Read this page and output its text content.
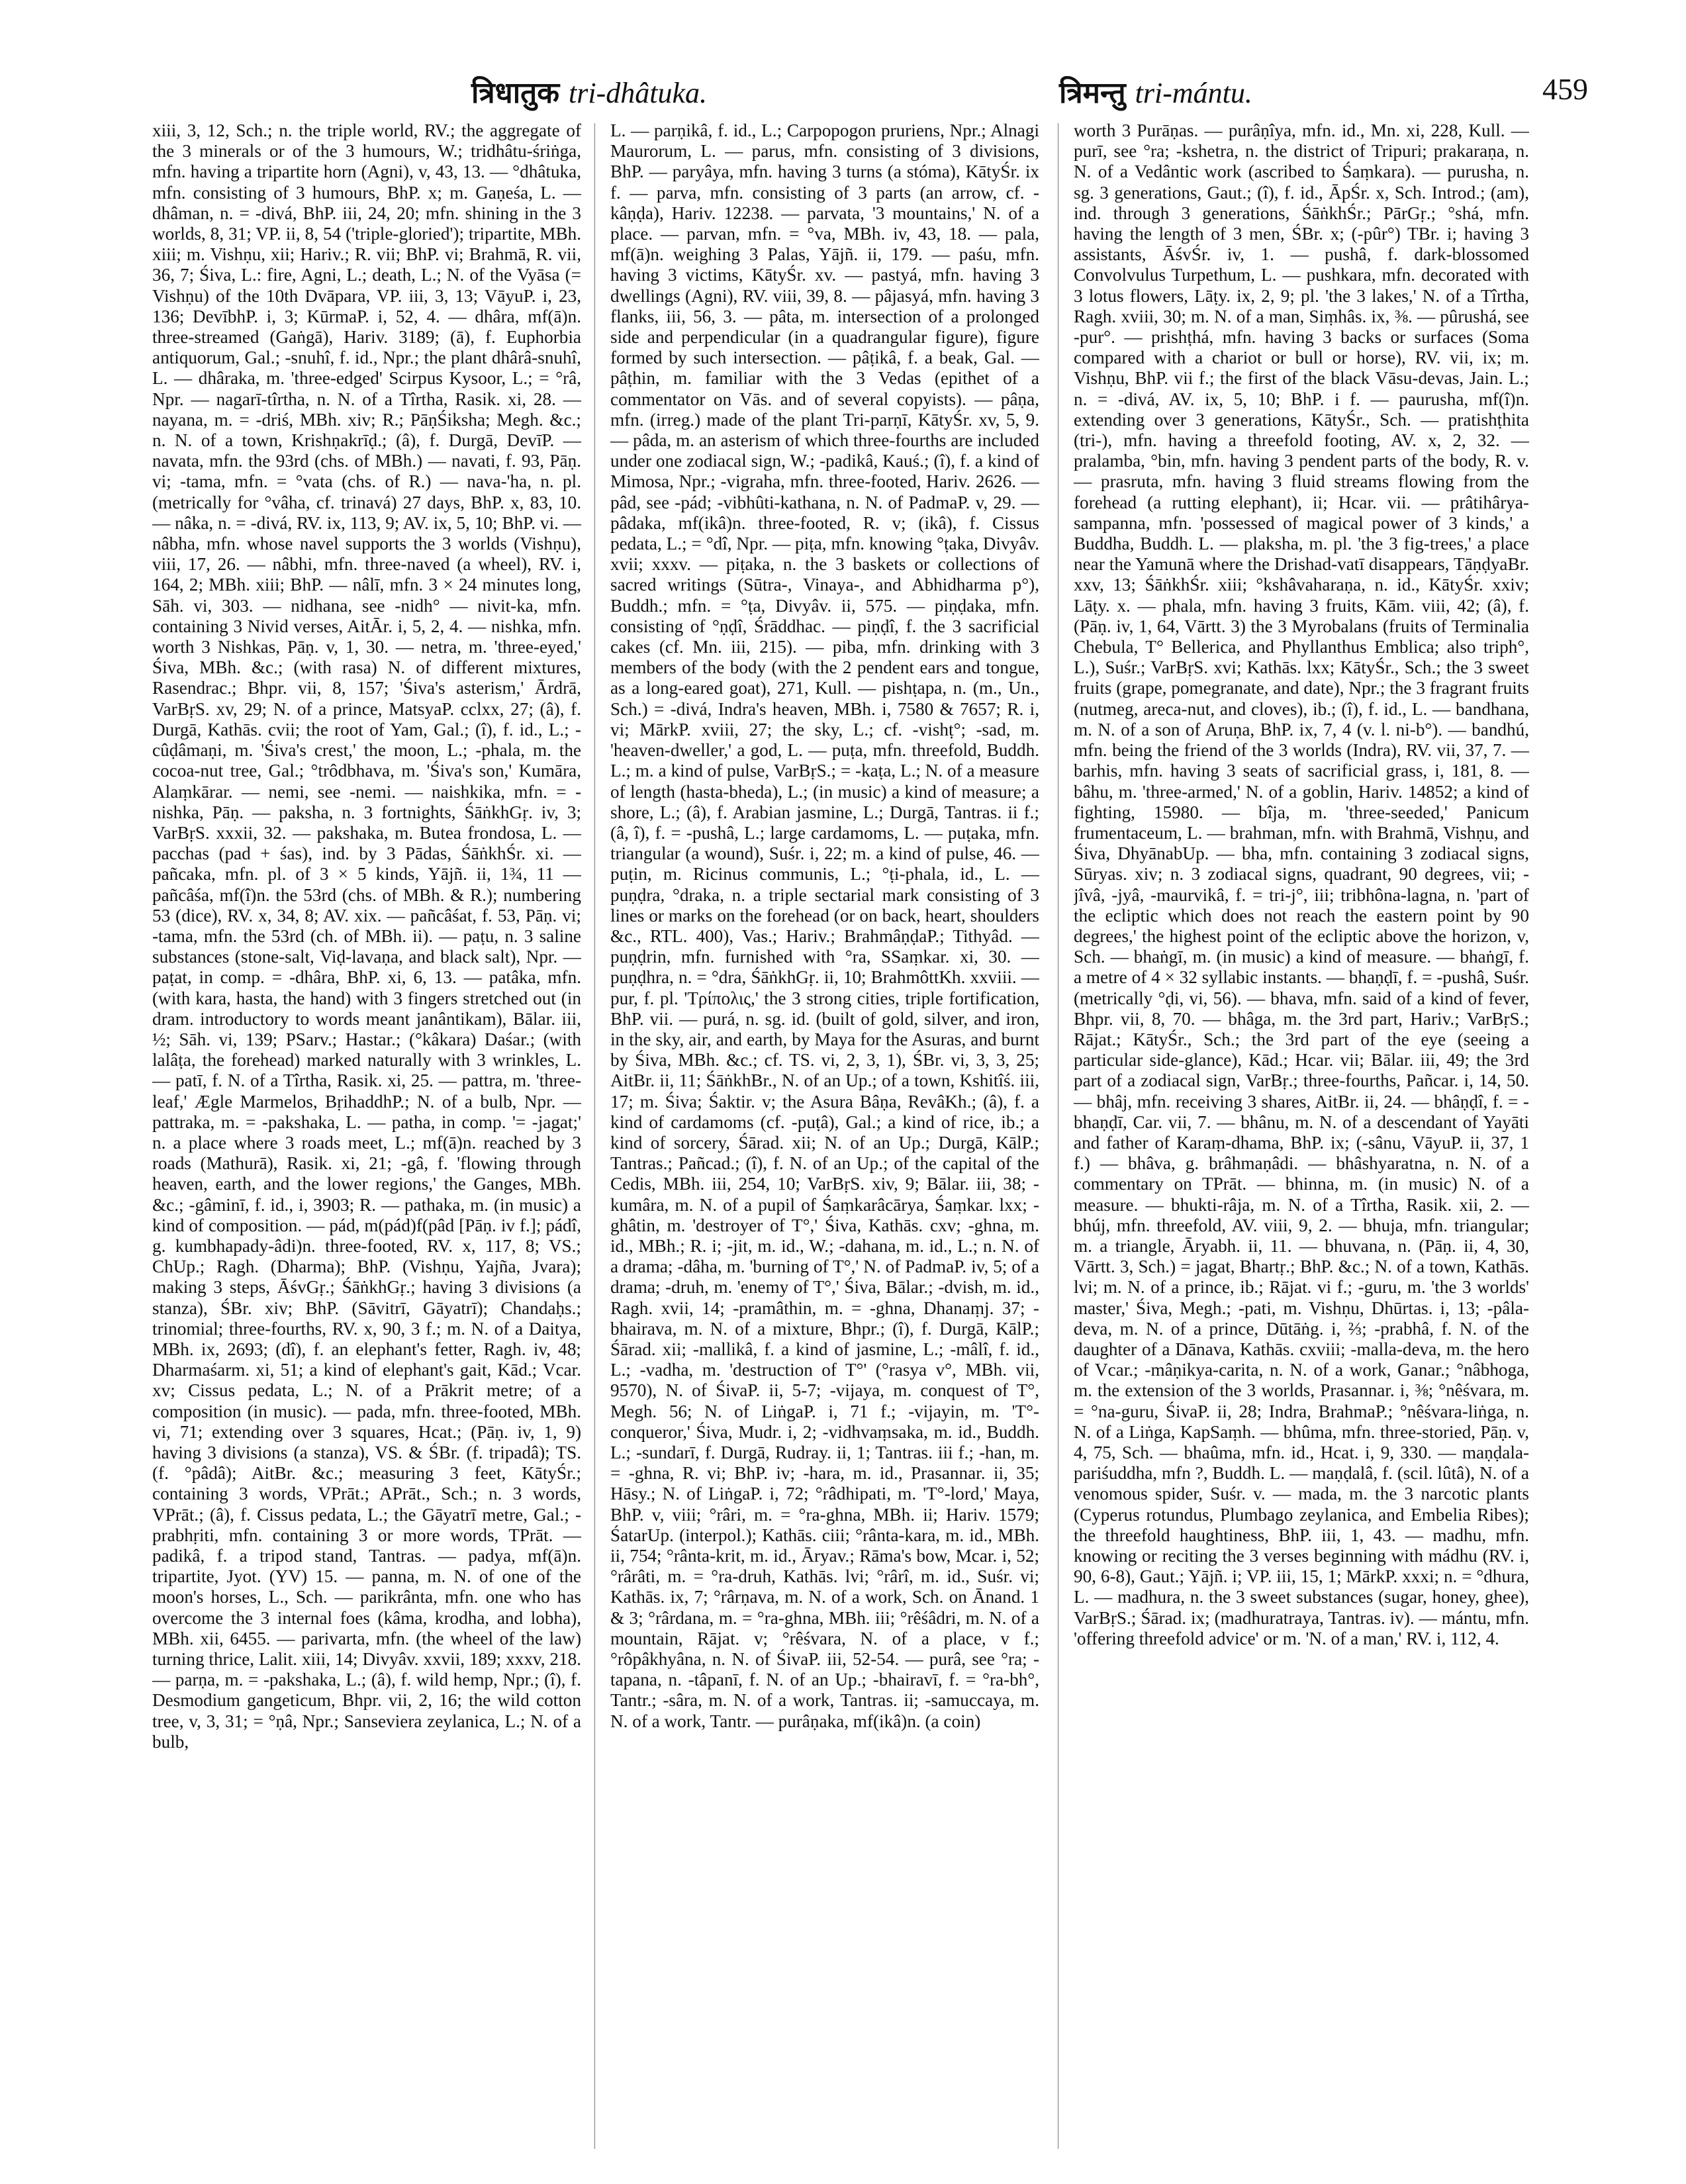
त्रिधातुक tri-dhâtuka.	त्रिमन्तु tri-mántu.	459

xiii, 3, 12, Sch.; n. the triple world, RV.; the aggregate of the 3 minerals or of the 3 humours, W.; tridhâtu-śriṅga, mfn. having a tripartite horn (Agni), v, 43, 13. — °dhâtuka, mfn. consisting of 3 humours, BhP. x; m. Gaṇeśa, L. — dhâman, n. = -divá, BhP. iii, 24, 20; mfn. shining in the 3 worlds, 8, 31; VP. ii, 8, 54 ('triple-gloried'); tripartite, MBh. xiii; m. Vishṇu, xii; Hariv.; R. vii; BhP. vi; Brahmā, R. vii, 36, 7; Śiva, L.: fire, Agni, L.; death, L.; N. of the Vyāsa (= Vishṇu) of the 10th Dvāpara, VP. iii, 3, 13; VāyuP. i, 23, 136; DevībhP. i, 3; KūrmaP. i, 52, 4. — dhâra, mf(ā)n. three-streamed (Gaṅgā), Hariv. 3189; (ā), f. Euphorbia antiquorum, Gal.; -snuhî, f. id., Npr.; the plant dhârâ-snuhî, L. — dhâraka, m. 'three-edged' Scirpus Kysoor, L.; = °râ, Npr. — nagarī-tîrtha, n. N. of a Tîrtha, Rasik. xi, 28. — nayana, m. = -driś, MBh. xiv; R.; PāṇŚiksha; Megh. &c.; n. N. of a town, Krishṇakrīḍ.; (â), f. Durgā, DevīP. — navata, mfn. the 93rd (chs. of MBh.) — navati, f. 93, Pāṇ. vi; -tama, mfn. = °vata (chs. of R.) — nava-'ha, n. pl. (metrically for °vâha, cf. trinavá) 27 days, BhP. x, 83, 10. — nâka, n. = -divá, RV. ix, 113, 9; AV. ix, 5, 10; BhP. vi. — nâbha, mfn. whose navel supports the 3 worlds (Vishṇu), viii, 17, 26. — nâbhi, mfn. three-naved (a wheel), RV. i, 164, 2; MBh. xiii; BhP. — nâlī, mfn. 3 × 24 minutes long, Sāh. vi, 303. — nidhana, see -nidh° — nivit-ka, mfn. containing 3 Nivid verses, AitĀr. i, 5, 2, 4. — nishka, mfn. worth 3 Nishkas, Pāṇ. v, 1, 30. — netra, m. 'three-eyed,' Śiva, MBh. &c.; (with rasa) N. of different mixtures, Rasendrac.; Bhpr. vii, 8, 157; 'Śiva's asterism,' Ārdrā, VarBṛS. xv, 29; N. of a prince, MatsyaP. cclxx, 27; (â), f. Durgā, Kathās. cvii; the root of Yam, Gal.; (î), f. id., L.; -cûḍâmaṇi, m. 'Śiva's crest,' the moon, L.; -phala, m. the cocoa-nut tree, Gal.; °trôdbhava, m. 'Śiva's son,' Kumāra, Alaṃkārar. — nemi, see -nemi. — naishkika, mfn. = -nishka, Pāṇ. — paksha, n. 3 fortnights, ŚāṅkhGṛ. iv, 3; VarBṛS. xxxii, 32. — pakshaka, m. Butea frondosa, L. — pacchas (pad + śas), ind. by 3 Pādas, ŚāṅkhŚr. xi. — pañcaka, mfn. pl. of 3 × 5 kinds, Yājñ. ii, 1¾, 11 — pañcâśa, mf(î)n. the 53rd (chs. of MBh. & R.); numbering 53 (dice), RV. x, 34, 8; AV. xix. — pañcâśat, f. 53, Pāṇ. vi; -tama, mfn. the 53rd (ch. of MBh. ii). — paṭu, n. 3 saline substances (stone-salt, Viḍ-lavaṇa, and black salt), Npr. — paṭat, in comp. = -dhâra, BhP. xi, 6, 13. — patâka, mfn. (with kara, hasta, the hand) with 3 fingers stretched out (in dram. introductory to words meant janântikam), Bālar. iii, ½; Sāh. vi, 139; PSarv.; Hastar.; (°kâkara) Daśar.; (with lalâṭa, the forehead) marked naturally with 3 wrinkles, L. — patī, f. N. of a Tîrtha, Rasik. xi, 25. — pattra, m. 'three-leaf,' Ægle Marmelos, BṛihaddhP.; N. of a bulb, Npr. — pattraka, m. = -pakshaka, L. — patha, in comp. '= -jagat;' n. a place where 3 roads meet, L.; mf(ā)n. reached by 3 roads (Mathurā), Rasik. xi, 21; -gâ, f. 'flowing through heaven, earth, and the lower regions,' the Ganges, MBh. &c.; -gâminī, f. id., i, 3903; R. — pathaka, m. (in music) a kind of composition. — pád, m(pád)f(pâd [Pāṇ. iv f.]; pádî, g. kumbhapady-âdi)n. three-footed, RV. x, 117, 8; VS.; ChUp.; Ragh. (Dharma); BhP. (Vishṇu, Yajña, Jvara); making 3 steps, ĀśvGṛ.; ŚāṅkhGṛ.; having 3 divisions (a stanza), ŚBr. xiv; BhP. (Sāvitrī, Gāyatrī); Chandaḥs.; trinomial; three-fourths, RV. x, 90, 3 f.; m. N. of a Daitya, MBh. ix, 2693; (dî), f. an elephant's fetter, Ragh. iv, 48; Dharmaśarm. xi, 51; a kind of elephant's gait, Kād.; Vcar. xv; Cissus pedata, L.; N. of a Prākrit metre; of a composition (in music). — pada, mfn. three-footed, MBh. vi, 71; extending over 3 squares, Hcat.; (Pāṇ. iv, 1, 9) having 3 divisions (a stanza), VS. & ŚBr. (f. tripadâ); TS. (f. °pâdâ); AitBr. &c.; measuring 3 feet, KātyŚr.; containing 3 words, VPrāt.; APrāt., Sch.; n. 3 words, VPrāt.; (â), f. Cissus pedata, L.; the Gāyatrī metre, Gal.; -prabhṛiti, mfn. containing 3 or more words, TPrāt. — padikâ, f. a tripod stand, Tantras. — padya, mf(ā)n. tripartite, Jyot. (YV) 15. — panna, m. N. of one of the moon's horses, L., Sch. — parikrânta, mfn. one who has overcome the 3 internal foes (kâma, krodha, and lobha), MBh. xii, 6455. — parivarta, mfn. (the wheel of the law) turning thrice, Lalit. xiii, 14; Divyâv. xxvii, 189; xxxv, 218. — parṇa, m. = -pakshaka, L.; (â), f. wild hemp, Npr.; (î), f. Desmodium gangeticum, Bhpr. vii, 2, 16; the wild cotton tree, v, 3, 31; = °ṇâ, Npr.; Sanseviera zeylanica, L.; N. of a bulb,

L. — parṇikâ, f. id., L.; Carpopogon pruriens, Npr.; Alnagi Maurorum, L. — parus, mfn. consisting of 3 divisions, BhP. — paryâya, mfn. having 3 turns (a stóma), KātyŚr. ix f. — parva, mfn. consisting of 3 parts (an arrow, cf. -kâṇḍa), Hariv. 12238. — parvata, '3 mountains,' N. of a place. — parvan, mfn. = °va, MBh. iv, 43, 18. — pala, mf(ā)n. weighing 3 Palas, Yājñ. ii, 179. — paśu, mfn. having 3 victims, KātyŚr. xv. — pastyá, mfn. having 3 dwellings (Agni), RV. viii, 39, 8. — pâjasyá, mfn. having 3 flanks, iii, 56, 3. — pâta, m. intersection of a prolonged side and perpendicular (in a quadrangular figure), figure formed by such intersection. — pâṭikâ, f. a beak, Gal. — pâṭhin, m. familiar with the 3 Vedas (epithet of a commentator on Vās. and of several copyists). — pâṇa, mfn. (irreg.) made of the plant Tri-parṇī, KātyŚr. xv, 5, 9. — pâda, m. an asterism of which three-fourths are included under one zodiacal sign, W.; -padikâ, Kauś.; (î), f. a kind of Mimosa, Npr.; -vigraha, mfn. three-footed, Hariv. 2626. — pâd, see -pád; -vibhûti-kathana, n. N. of PadmaP. v, 29. — pâdaka, mf(ikâ)n. three-footed, R. v; (ikâ), f. Cissus pedata, L.; = °dî, Npr. — piṭa, mfn. knowing °ṭaka, Divyâv. xvii; xxxv. — piṭaka, n. the 3 baskets or collections of sacred writings (Sūtra-, Vinaya-, and Abhidharma p°), Buddh.; mfn. = °ṭa, Divyâv. ii, 575. — piṇḍaka, mfn. consisting of °ṇḍî, Śrāddhac. — piṇḍî, f. the 3 sacrificial cakes (cf. Mn. iii, 215). — piba, mfn. drinking with 3 members of the body (with the 2 pendent ears and tongue, as a long-eared goat), 271, Kull. — pishṭapa, n. (m., Un., Sch.) = -divá, Indra's heaven, MBh. i, 7580 & 7657; R. i, vi; MārkP. xviii, 27; the sky, L.; cf. -vishṭ°; -sad, m. 'heaven-dweller,' a god, L. — puṭa, mfn. threefold, Buddh. L.; m. a kind of pulse, VarBṛS.; = -kaṭa, L.; N. of a measure of length (hasta-bheda), L.; (in music) a kind of measure; a shore, L.; (â), f. Arabian jasmine, L.; Durgā, Tantras. ii f.; (â, î), f. = -pushâ, L.; large cardamoms, L. — puṭaka, mfn. triangular (a wound), Suśr. i, 22; m. a kind of pulse, 46. — puṭin, m. Ricinus communis, L.; °ṭi-phala, id., L. — puṇḍra, °draka, n. a triple sectarial mark consisting of 3 lines or marks on the forehead (or on back, heart, shoulders &c., RTL. 400), Vas.; Hariv.; BrahmâṇḍaP.; Tithyâd. — puṇḍrin, mfn. furnished with °ra, SSaṃkar. xi, 30. — puṇḍhra, n. = °dra, ŚāṅkhGṛ. ii, 10; BrahmôttKh. xxviii. — pur, f. pl. 'Τρίπολις,' the 3 strong cities, triple fortification, BhP. vii. — purá, n. sg. id. (built of gold, silver, and iron, in the sky, air, and earth, by Maya for the Asuras, and burnt by Śiva, MBh. &c.; cf. TS. vi, 2, 3, 1), ŚBr. vi, 3, 3, 25; AitBr. ii, 11; ŚāṅkhBr., N. of an Up.; of a town, Kshitîś. iii, 17; m. Śiva; Śaktir. v; the Asura Bâṇa, RevâKh.; (â), f. a kind of cardamoms (cf. -puṭâ), Gal.; a kind of rice, ib.; a kind of sorcery, Śārad. xii; N. of an Up.; Durgā, KālP.; Tantras.; Pañcad.; (î), f. N. of an Up.; of the capital of the Cedis, MBh. iii, 254, 10; VarBṛS. xiv, 9; Bālar. iii, 38; -kumâra, m. N. of a pupil of Śaṃkarâcārya, Śaṃkar. lxx; -ghâtin, m. 'destroyer of T°,' Śiva, Kathās. cxv; -ghna, m. id., MBh.; R. i; -jit, m. id., W.; -dahana, m. id., L.; n. N. of a drama; -dâha, m. 'burning of T°,' N. of PadmaP. iv, 5; of a drama; -druh, m. 'enemy of T°,' Śiva, Bālar.; -dvish, m. id., Ragh. xvii, 14; -pramâthin, m. = -ghna, Dhanaṃj. 37; -bhairava, m. N. of a mixture, Bhpr.; (î), f. Durgā, KālP.; Śārad. xii; -mallikâ, f. a kind of jasmine, L.; -mâlî, f. id., L.; -vadha, m. 'destruction of T°' (°rasya v°, MBh. vii, 9570), N. of ŚivaP. ii, 5-7; -vijaya, m. conquest of T°, Megh. 56; N. of LiṅgaP. i, 71 f.; -vijayin, m. 'T°-conqueror,' Śiva, Mudr. i, 2; -vidhvaṃsaka, m. id., Buddh. L.; -sundarī, f. Durgā, Rudray. ii, 1; Tantras. iii f.; -han, m. = -ghna, R. vi; BhP. iv; -hara, m. id., Prasannar. ii, 35; Hāsy.; N. of LiṅgaP. i, 72; °râdhipati, m. 'T°-lord,' Maya, BhP. v, viii; °râri, m. = °ra-ghna, MBh. ii; Hariv. 1579; ŚatarUp. (interpol.); Kathās. ciii; °rânta-kara, m. id., MBh. ii, 754; °rânta-krit, m. id., Āryav.; Rāma's bow, Mcar. i, 52; °rârâti, m. = °ra-druh, Kathās. lvi; °rârî, m. id., Suśr. vi; Kathās. ix, 7; °rârṇava, m. N. of a work, Sch. on Ānand. 1 & 3; °rârdana, m. = °ra-ghna, MBh. iii; °rêśâdri, m. N. of a mountain, Rājat. v; °rêśvara, N. of a place, v f.; °rôpâkhyâna, n. N. of ŚivaP. iii, 52-54. — purâ, see °ra; -tapana, n. -tâpanī, f. N. of an Up.; -bhairavī, f. = °ra-bh°, Tantr.; -sâra, m. N. of a work, Tantras. ii; -samuccaya, m. N. of a work, Tantr. — purâṇaka, mf(ikâ)n. (a coin)

worth 3 Purāṇas. — purâṇîya, mfn. id., Mn. xi, 228, Kull. — purī, see °ra; -kshetra, n. the district of Tripuri; prakaraṇa, n. N. of a Vedântic work (ascribed to Śaṃkara). — purusha, n. sg. 3 generations, Gaut.; (î), f. id., ĀpŚr. x, Sch. Introd.; (am), ind. through 3 generations, ŚāṅkhŚr.; PārGṛ.; °shá, mfn. having the length of 3 men, ŚBr. x; (-pûr°) TBr. i; having 3 assistants, ĀśvŚr. iv, 1. — pushâ, f. dark-blossomed Convolvulus Turpethum, L. — pushkara, mfn. decorated with 3 lotus flowers, Lāṭy. ix, 2, 9; pl. 'the 3 lakes,' N. of a Tîrtha, Ragh. xviii, 30; m. N. of a man, Siṃhâs. ix, ⅜. — pûrushá, see -pur°. — prishṭhá, mfn. having 3 backs or surfaces (Soma compared with a chariot or bull or horse), RV. vii, ix; m. Vishṇu, BhP. vii f.; the first of the black Vāsu-devas, Jain. L.; n. = -divá, AV. ix, 5, 10; BhP. i f. — paurusha, mf(î)n. extending over 3 generations, KātyŚr., Sch. — pratishṭhita (tri-), mfn. having a threefold footing, AV. x, 2, 32. — pralamba, °bin, mfn. having 3 pendent parts of the body, R. v. — prasruta, mfn. having 3 fluid streams flowing from the forehead (a rutting elephant), ii; Hcar. vii. — prâtihârya-sampanna, mfn. 'possessed of magical power of 3 kinds,' a Buddha, Buddh. L. — plaksha, m. pl. 'the 3 fig-trees,' a place near the Yamunā where the Drishad-vatī disappears, TāṇḍyaBr. xxv, 13; ŚāṅkhŚr. xiii; °kshâvaharaṇa, n. id., KātyŚr. xxiv; Lāṭy. x. — phala, mfn. having 3 fruits, Kām. viii, 42; (â), f. (Pāṇ. iv, 1, 64, Vārtt. 3) the 3 Myrobalans (fruits of Terminalia Chebula, T° Bellerica, and Phyllanthus Emblica; also triph°, L.), Suśr.; VarBṛS. xvi; Kathās. lxx; KātyŚr., Sch.; the 3 sweet fruits (grape, pomegranate, and date), Npr.; the 3 fragrant fruits (nutmeg, areca-nut, and cloves), ib.; (î), f. id., L. — bandhana, m. N. of a son of Aruṇa, BhP. ix, 7, 4 (v. l. ni-b°). — bandhú, mfn. being the friend of the 3 worlds (Indra), RV. vii, 37, 7. — barhis, mfn. having 3 seats of sacrificial grass, i, 181, 8. — bâhu, m. 'three-armed,' N. of a goblin, Hariv. 14852; a kind of fighting, 15980. — bîja, m. 'three-seeded,' Panicum frumentaceum, L. — brahman, mfn. with Brahmā, Vishṇu, and Śiva, DhyānabUp. — bha, mfn. containing 3 zodiacal signs, Sūryas. xiv; n. 3 zodiacal signs, quadrant, 90 degrees, vii; -jîvâ, -jyâ, -maurvikâ, f. = tri-j°, iii; tribhôna-lagna, n. 'part of the ecliptic which does not reach the eastern point by 90 degrees,' the highest point of the ecliptic above the horizon, v, Sch. — bhaṅgī, m. (in music) a kind of measure. — bhaṅgī, f. a metre of 4 × 32 syllabic instants. — bhaṇḍī, f. = -pushâ, Suśr. (metrically °ḍi, vi, 56). — bhava, mfn. said of a kind of fever, Bhpr. vii, 8, 70. — bhâga, m. the 3rd part, Hariv.; VarBṛS.; Rājat.; KātyŚr., Sch.; the 3rd part of the eye (seeing a particular side-glance), Kād.; Hcar. vii; Bālar. iii, 49; the 3rd part of a zodiacal sign, VarBṛ.; three-fourths, Pañcar. i, 14, 50. — bhâj, mfn. receiving 3 shares, AitBr. ii, 24. — bhâṇḍî, f. = -bhaṇḍī, Car. vii, 7. — bhânu, m. N. of a descendant of Yayāti and father of Karaṃ-dhama, BhP. ix; (-sânu, VāyuP. ii, 37, 1 f.) — bhâva, g. brâhmaṇâdi. — bhâshyaratna, n. N. of a commentary on TPrāt. — bhinna, m. (in music) N. of a measure. — bhukti-râja, m. N. of a Tîrtha, Rasik. xii, 2. — bhúj, mfn. threefold, AV. viii, 9, 2. — bhuja, mfn. triangular; m. a triangle, Āryabh. ii, 11. — bhuvana, n. (Pāṇ. ii, 4, 30, Vārtt. 3, Sch.) = jagat, Bhartṛ.; BhP. &c.; N. of a town, Kathās. lvi; m. N. of a prince, ib.; Rājat. vi f.; -guru, m. 'the 3 worlds' master,' Śiva, Megh.; -pati, m. Vishṇu, Dhūrtas. i, 13; -pâla-deva, m. N. of a prince, Dūtāṅg. i, ⅔; -prabhâ, f. N. of the daughter of a Dānava, Kathās. cxviii; -malla-deva, m. the hero of Vcar.; -mâṇikya-carita, n. N. of a work, Ganar.; °nâbhoga, m. the extension of the 3 worlds, Prasannar. i, ⅜; °nêśvara, m. = °na-guru, ŚivaP. ii, 28; Indra, BrahmaP.; °nêśvara-liṅga, n. N. of a Liṅga, KapSaṃh. — bhûma, mfn. three-storied, Pāṇ. v, 4, 75, Sch. — bhaûma, mfn. id., Hcat. i, 9, 330. — maṇḍala-pariśuddha, mfn ?, Buddh. L. — maṇḍalâ, f. (scil. lûtâ), N. of a venomous spider, Suśr. v. — mada, m. the 3 narcotic plants (Cyperus rotundus, Plumbago zeylanica, and Embelia Ribes); the threefold haughtiness, BhP. iii, 1, 43. — madhu, mfn. knowing or reciting the 3 verses beginning with mádhu (RV. i, 90, 6-8), Gaut.; Yājñ. i; VP. iii, 15, 1; MārkP. xxxi; n. = °dhura, L. — madhura, n. the 3 sweet substances (sugar, honey, ghee), VarBṛS.; Śārad. ix; (madhuratraya, Tantras. iv). — mántu, mfn. 'offering threefold advice' or m. 'N. of a man,' RV. i, 112, 4.
